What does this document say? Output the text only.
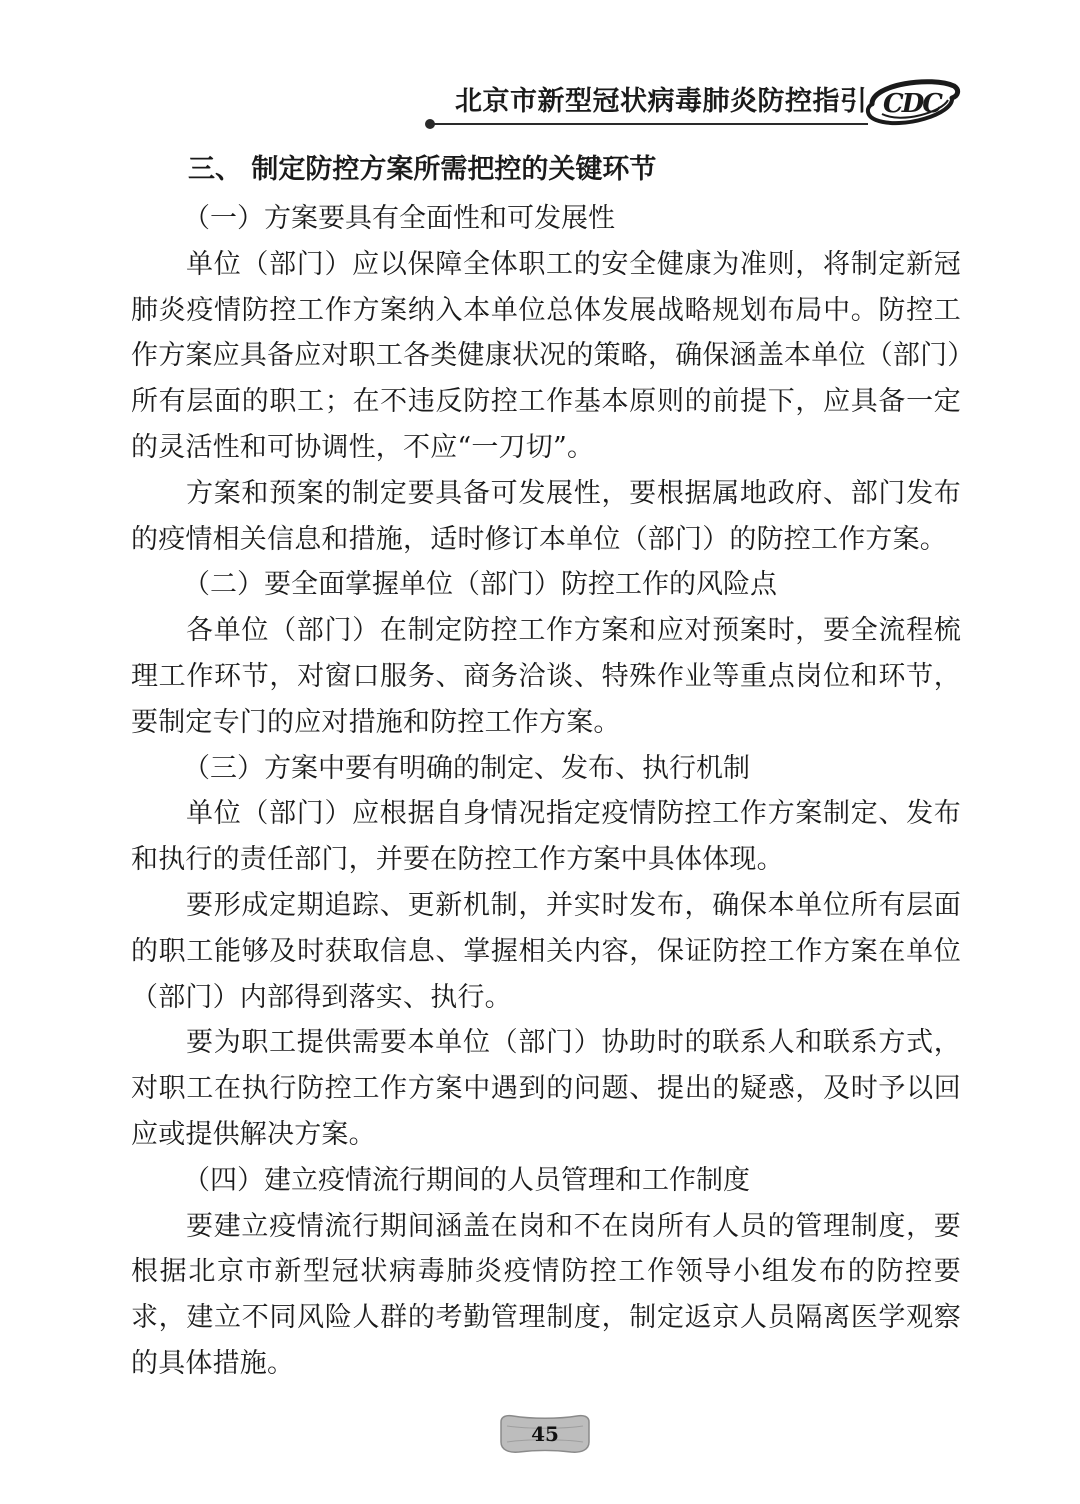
北京市新型冠状病毒肺炎防控指引 CDC
三、 制定防控方案所需把控的关键环节

（一）方案要具有全面性和可发展性

单位（部门）应以保障全体职工的安全健康为准则，将制定新冠肺炎疫情防控工作方案纳入本单位总体发展战略规划布局中。防控工作方案应具备应对职工各类健康状况的策略，确保涵盖本单位（部门）所有层面的职工；在不违反防控工作基本原则的前提下，应具备一定的灵活性和可协调性，不应“一刀切”。

方案和预案的制定要具备可发展性，要根据属地政府、部门发布的疫情相关信息和措施，适时修订本单位（部门）的防控工作方案。

（二）要全面掌握单位（部门）防控工作的风险点

各单位（部门）在制定防控工作方案和应对预案时，要全流程梳理工作环节，对窗口服务、商务洽谈、特殊作业等重点岗位和环节，要制定专门的应对措施和防控工作方案。

（三）方案中要有明确的制定、发布、执行机制

单位（部门）应根据自身情况指定疫情防控工作方案制定、发布和执行的责任部门，并要在防控工作方案中具体体现。

要形成定期追踪、更新机制，并实时发布，确保本单位所有层面的职工能够及时获取信息、掌握相关内容，保证防控工作方案在单位（部门）内部得到落实、执行。

要为职工提供需要本单位（部门）协助时的联系人和联系方式，对职工在执行防控工作方案中遇到的问题、提出的疑惑，及时予以回应或提供解决方案。

（四）建立疫情流行期间的人员管理和工作制度

要建立疫情流行期间涵盖在岗和不在岗所有人员的管理制度，要根据北京市新型冠状病毒肺炎疫情防控工作领导小组发布的防控要求，建立不同风险人群的考勤管理制度，制定返京人员隔离医学观察的具体措施。

45
